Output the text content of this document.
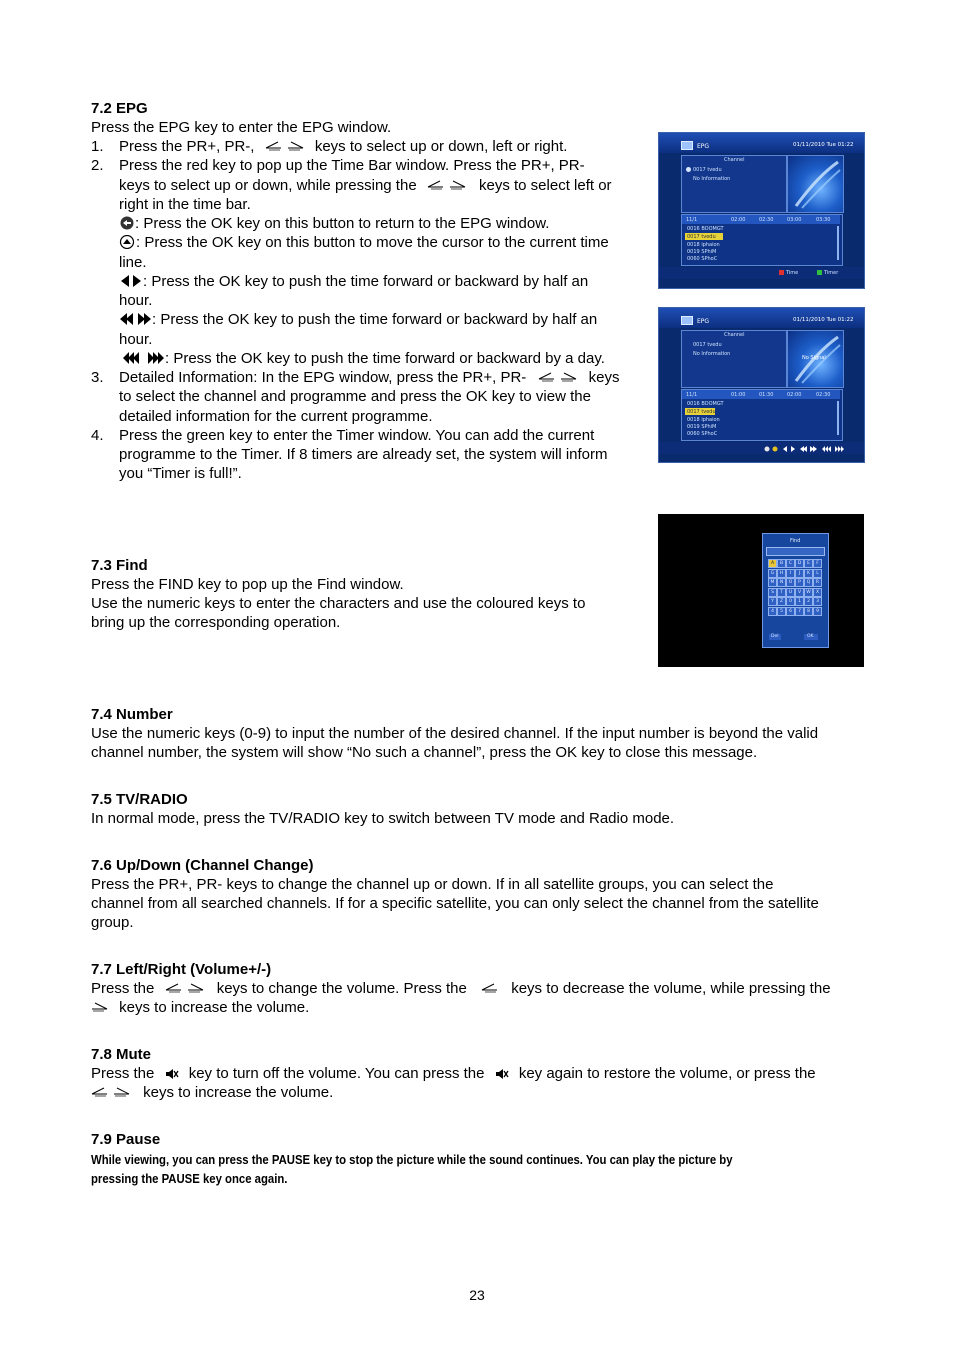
7.2 EPG
Press the EPG key to enter the EPG window.
1. Press the PR+, PR-,	keys to select up or down, left or right.
2. Press the red key to pop up the Time Bar window. Press the PR+, PR-
keys to select up or down, while pressing the	keys to select left or
right in the time bar.
: Press the OK key on this button to return to the EPG window.
: Press the OK key on this button to move the cursor to the current time
line.
: Press the OK key to push the time forward or backward by half an
hour.
: Press the OK key to push the time forward or backward by half an
hour.
: Press the OK key to push the time forward or backward by a day.
3. Detailed Information: In the EPG window, press the PR+, PR-	keys
to select the channel and programme and press the OK key to view the
detailed information for the current programme.
4. Press the green key to enter the Timer window. You can add the current
programme to the Timer. If 8 timers are already set, the system will inform
you “Timer is full!”.
EPG	01/11/2010 Tue 01:22
Channel
0017 tvedu
No Information
11/1	02:00	02:30	03:00	03:30
0016 BOOMGT
0017 tvedu
0018 iphaion
0019 SPhiM
0060 SPhoC
Time	Timer
EPG	01/11/2010 Tue 01:22
Channel
0017 tvedu
No Information
No Signal
11/1	01:00	01:30	02:00	02:30
0016 BOOMGT
0017 tvedu
0018 iphaion
0019 SPhiM
0060 SPhoC
7.3 Find
Press the FIND key to pop up the Find window.
Use the numeric keys to enter the characters and use the coloured keys to
bring up the corresponding operation.
Find
A	B	C	D	E	F
G	H	I	J	K	L
M	N	O	P	Q	R
S	T	U	V	W	X
Y	Z	0	1	2	3
4	5	6	7	8	9
Del	OK
7.4 Number
Use the numeric keys (0-9) to input the number of the desired channel. If the input number is beyond the valid
channel number, the system will show “No such a channel”, press the OK key to close this message.
7.5 TV/RADIO
In normal mode, press the TV/RADIO key to switch between TV mode and Radio mode.
7.6 Up/Down (Channel Change)
Press the PR+, PR- keys to change the channel up or down. If in all satellite groups, you can select the
channel from all searched channels. If for a specific satellite, you can only select the channel from the satellite
group.
7.7 Left/Right (Volume+/-)
Press the	keys to change the volume. Press the	keys to decrease the volume, while pressing the
keys to increase the volume.
7.8 Mute
Press the key to turn off the volume. You can press the key again to restore the volume, or press the
keys to increase the volume.
7.9 Pause
While viewing, you can press the PAUSE key to stop the picture while the sound continues. You can play the picture by
pressing the PAUSE key once again.
23
